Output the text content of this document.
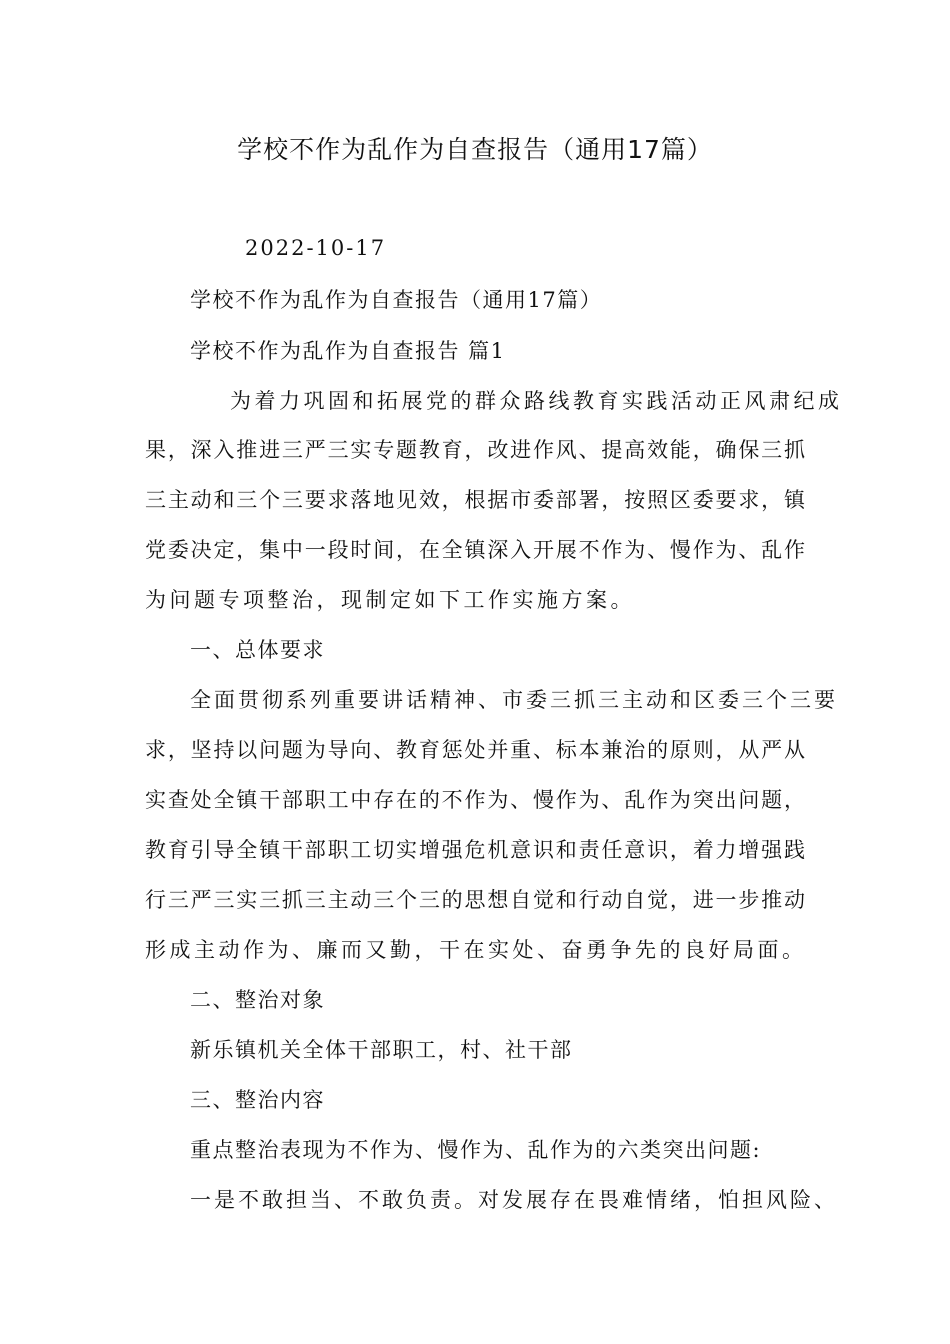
学校不作为乱作为自查报告（通用17篇）
2022-10-17
学校不作为乱作为自查报告（通用17篇）
学校不作为乱作为自查报告 篇1
为着力巩固和拓展党的群众路线教育实践活动正风肃纪成
果，深入推进三严三实专题教育，改进作风、提高效能，确保三抓
三主动和三个三要求落地见效，根据市委部署，按照区委要求，镇
党委决定，集中一段时间，在全镇深入开展不作为、慢作为、乱作
为问题专项整治，现制定如下工作实施方案。
一、总体要求
全面贯彻系列重要讲话精神、市委三抓三主动和区委三个三要
求，坚持以问题为导向、教育惩处并重、标本兼治的原则，从严从
实查处全镇干部职工中存在的不作为、慢作为、乱作为突出问题，
教育引导全镇干部职工切实增强危机意识和责任意识，着力增强践
行三严三实三抓三主动三个三的思想自觉和行动自觉，进一步推动
形成主动作为、廉而又勤，干在实处、奋勇争先的良好局面。
二、整治对象
新乐镇机关全体干部职工，村、社干部
三、整治内容
重点整治表现为不作为、慢作为、乱作为的六类突出问题:
一是不敢担当、不敢负责。对发展存在畏难情绪，怕担风险、
